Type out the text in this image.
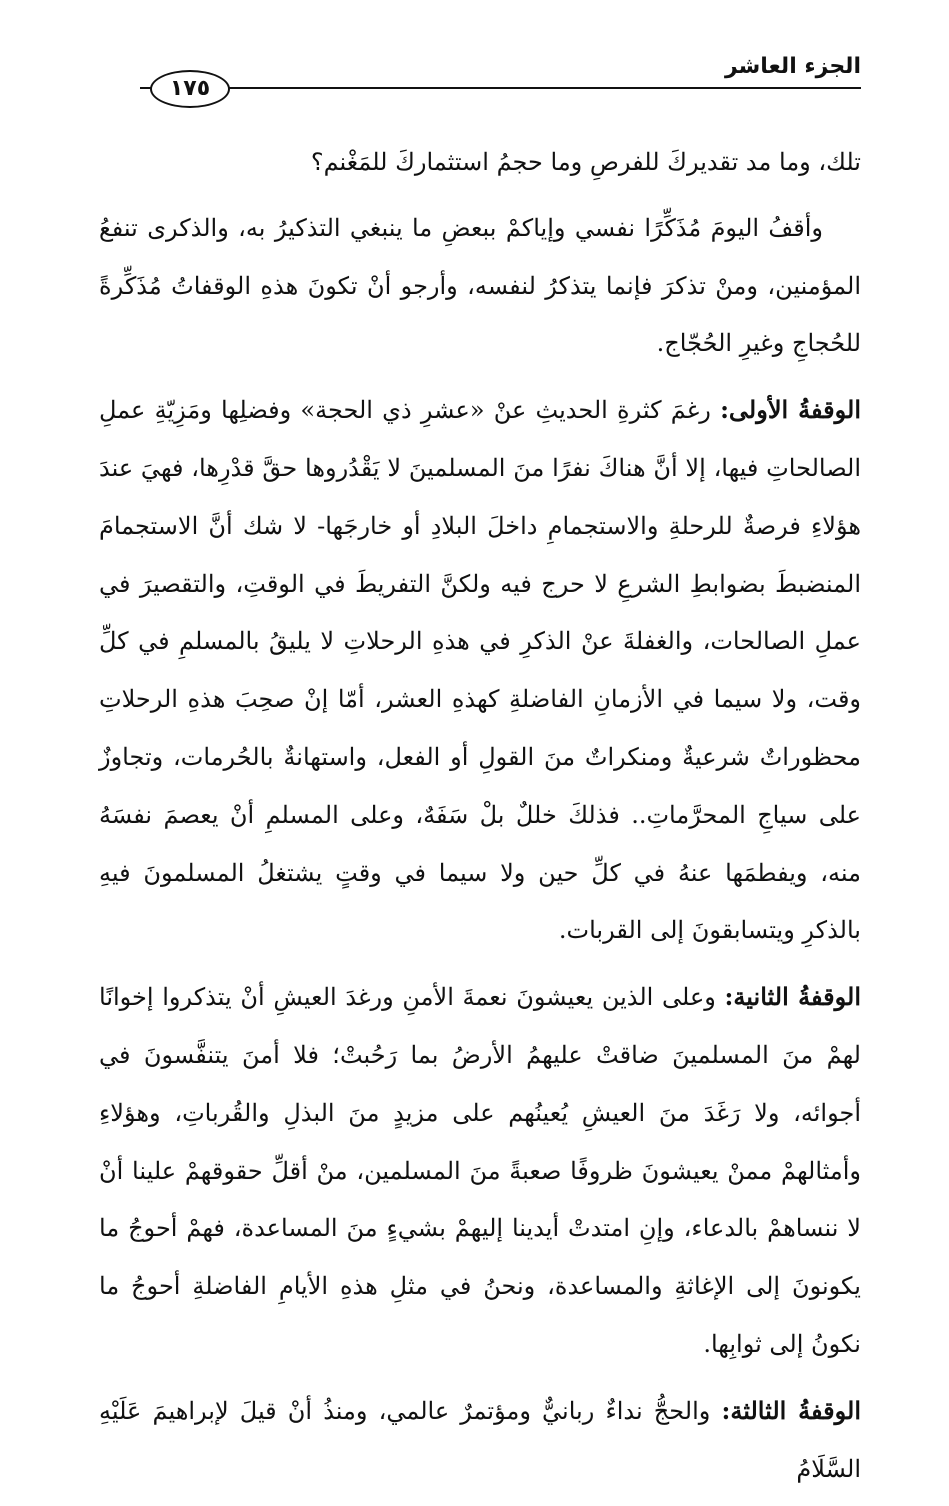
الجزء العاشر
١٧٥

تلك، وما مد تقديركَ للفرصِ وما حجمُ استثماركَ للمَغْنم؟

وأقفُ اليومَ مُذَكِّرًا نفسي وإياكمْ ببعضِ ما ينبغي التذكيرُ به، والذكرى تنفعُ المؤمنين، ومنْ تذكرَ فإنما يتذكرُ لنفسه، وأرجو أنْ تكونَ هذهِ الوقفاتُ مُذَكِّرةً للحُجاجِ وغيرِ الحُجّاج.

الوقفةُ الأولى: رغمَ كثرةِ الحديثِ عنْ «عشرِ ذي الحجة» وفضلِها ومَزِيّةِ عملِ الصالحاتِ فيها، إلا أنَّ هناكَ نفرًا منَ المسلمينَ لا يَقْدُروها حقَّ قدْرِها، فهيَ عندَ هؤلاءِ فرصةٌ للرحلةِ والاستجمامِ داخلَ البلادِ أو خارجَها- لا شك أنَّ الاستجمامَ المنضبطَ بضوابطِ الشرعِ لا حرج فيه ولكنَّ التفريطَ في الوقتِ، والتقصيرَ في عملِ الصالحات، والغفلةَ عنْ الذكرِ في هذهِ الرحلاتِ لا يليقُ بالمسلمِ في كلِّ وقت، ولا سيما في الأزمانِ الفاضلةِ كهذهِ العشر، أمّا إنْ صحِبَ هذهِ الرحلاتِ محظوراتٌ شرعيةٌ ومنكراتٌ منَ القولِ أو الفعل، واستهانةٌ بالحُرمات، وتجاوزٌ على سياجِ المحرَّماتِ.. فذلكَ خللٌ بلْ سَفَهٌ، وعلى المسلمِ أنْ يعصمَ نفسَهُ منه، ويفطمَها عنهُ في كلِّ حين ولا سيما في وقتٍ يشتغلُ المسلمونَ فيهِ بالذكرِ ويتسابقونَ إلى القربات.

الوقفةُ الثانية: وعلى الذين يعيشونَ نعمةَ الأمنِ ورغدَ العيشِ أنْ يتذكروا إخوانًا لهمْ منَ المسلمينَ ضاقتْ عليهمُ الأرضُ بما رَحُبتْ؛ فلا أمنَ يتنفَّسونَ في أجوائه، ولا رَغَدَ منَ العيشِ يُعينُهم على مزيدٍ منَ البذلِ والقُرباتِ، وهؤلاءِ وأمثالهمْ ممنْ يعيشونَ ظروفًا صعبةً منَ المسلمين، منْ أقلِّ حقوقهمْ علينا أنْ لا ننساهمْ بالدعاء، وإنِ امتدتْ أيدينا إليهمْ بشيءٍ منَ المساعدة، فهمْ أحوجُ ما يكونونَ إلى الإغاثةِ والمساعدة، ونحنُ في مثلِ هذهِ الأيامِ الفاضلةِ أحوجُ ما نكونُ إلى ثوابِها.

الوقفةُ الثالثة: والحجُّ نداءٌ ربانيٌّ ومؤتمرٌ عالمي، ومنذُ أنْ قيلَ لإبراهيمَ عَلَيْهِ السَّلَامُ
